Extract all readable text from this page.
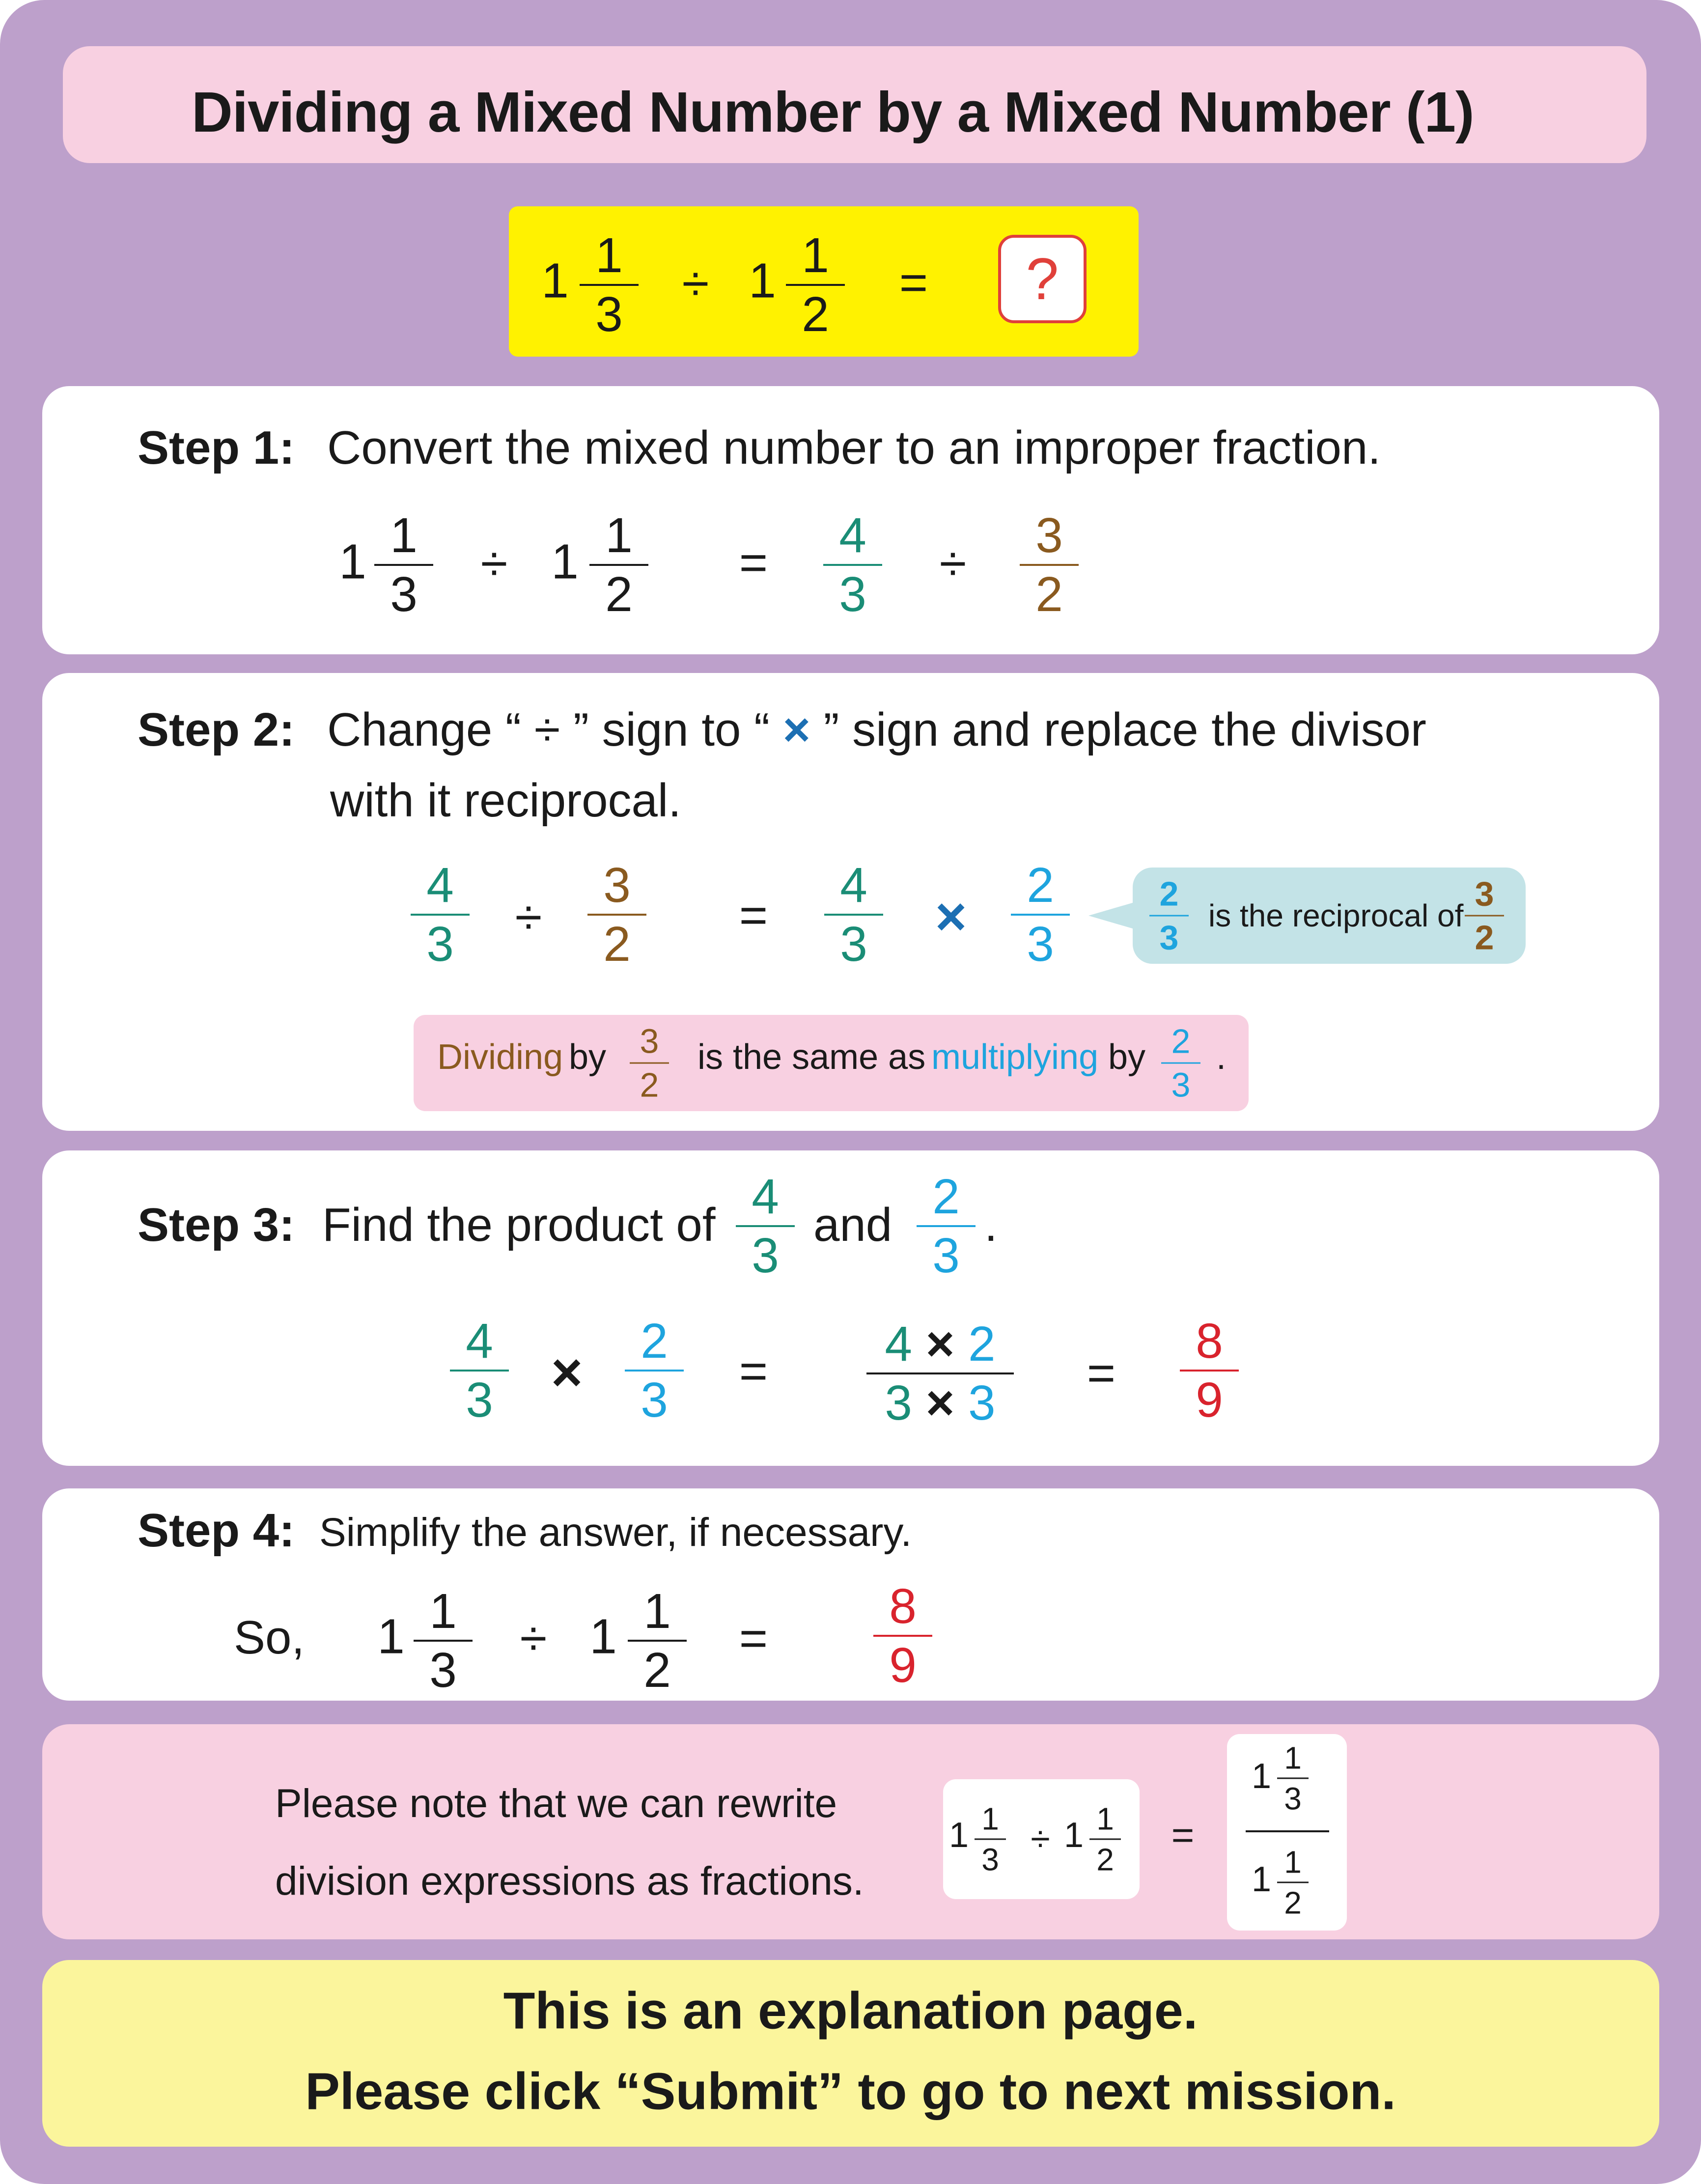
Dividing a Mixed Number by a Mixed Number (1)
1 1
3
÷ 1 1
2
=	?
Step 1: Convert the mixed number to an improper fraction.
1 1
3
÷ 1 1
2
= 4
3
÷
3
2
Step 2: Change “ ÷ ” sign to “ × ” sign and replace the divisor
with it reciprocal.
4
3 ÷
3
2
=
4
3 ×
2
3
2
3
is the reciprocal of
3
2
Dividing by 3
2
is the same as multiplying by 2
3
.
Step 3: Find the product of
4
3
and
2
3
.
4
3 ×
2
3
= 4 × 2
3 × 3
=
8
9
Step 4: Simplify the answer, if necessary.
So, 1 1
3
÷ 1 1
2
=
8
9
Please note that we can rewrite
division expressions as fractions.
1 1
3
÷ 1 1
2
=
1 1
3
1 1
2
This is an explanation page.
Please click “Submit” to go to next mission.
